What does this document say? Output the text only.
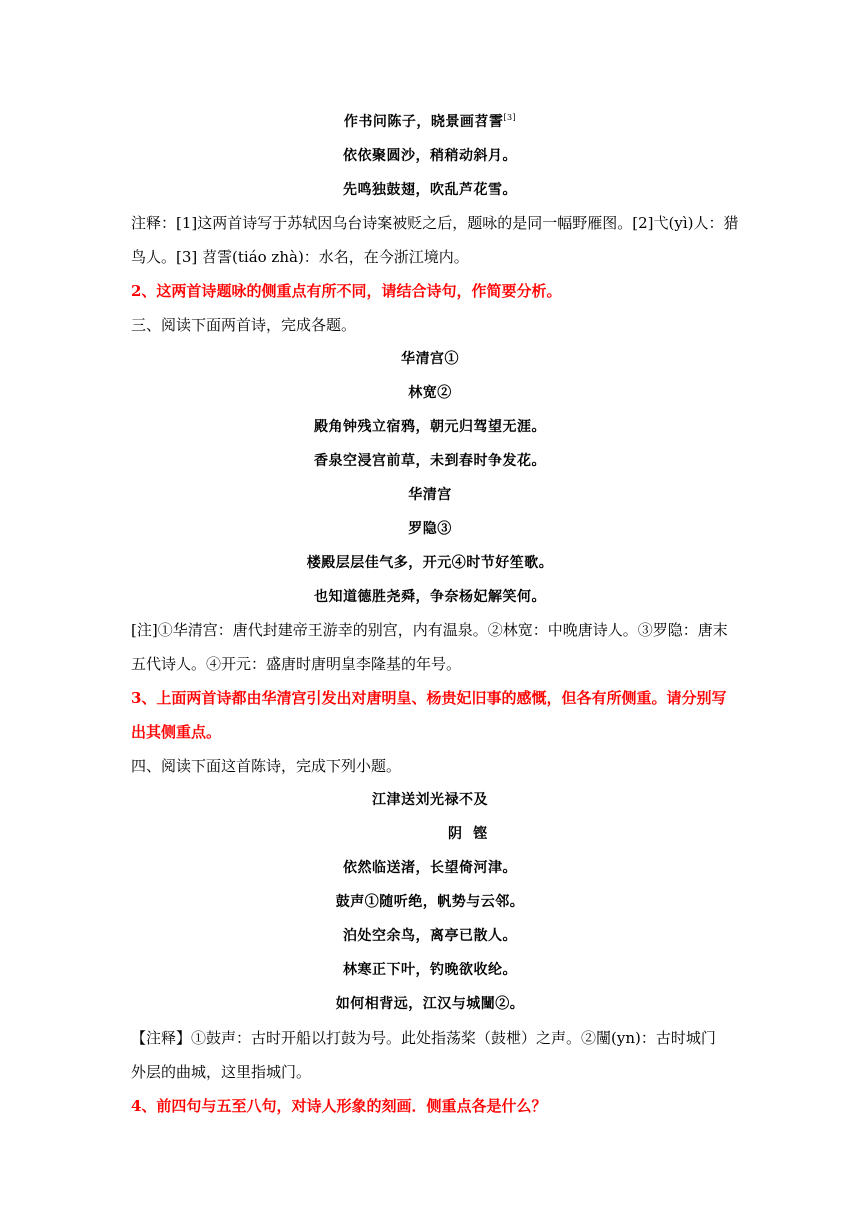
作书问陈子，晓景画苕霅[3]
依依聚圆沙，稍稍动斜月。
先鸣独鼓翅，吹乱芦花雪。
注释：[1]这两首诗写于苏轼因乌台诗案被贬之后，题咏的是同一幅野雁图。[2]弋(yì)人：猎
鸟人。[3] 苕霅(tiáo zhà)：水名，在今浙江境内。
2、这两首诗题咏的侧重点有所不同，请结合诗句，作简要分析。
三、阅读下面两首诗，完成各题。
华清宫①
林宽②
殿角钟残立宿鸦，朝元归驾望无涯。
香泉空浸宫前草，未到春时争发花。
华清宫
罗隐③
楼殿层层佳气多，开元④时节好笙歌。
也知道德胜尧舜，争奈杨妃解笑何。
[注]①华清宫：唐代封建帝王游幸的别宫，内有温泉。②林宽：中晚唐诗人。③罗隐：唐末
五代诗人。④开元：盛唐时唐明皇李隆基的年号。
3、上面两首诗都由华清宫引发出对唐明皇、杨贵妃旧事的感慨，但各有所侧重。请分别写
出其侧重点。
四、阅读下面这首陈诗，完成下列小题。
江津送刘光禄不及
阴  铿
依然临送渚，长望倚河津。
鼓声①随听绝，帆势与云邻。
泊处空余鸟，离亭已散人。
林寒正下叶，钓晚欲收纶。
如何相背远，江汉与城闉②。
【注释】①鼓声：古时开船以打鼓为号。此处指荡桨（鼓枻）之声。②闉(yn)：古时城门
外层的曲城，这里指城门。
4、前四句与五至八句，对诗人形象的刻画．侧重点各是什么？
